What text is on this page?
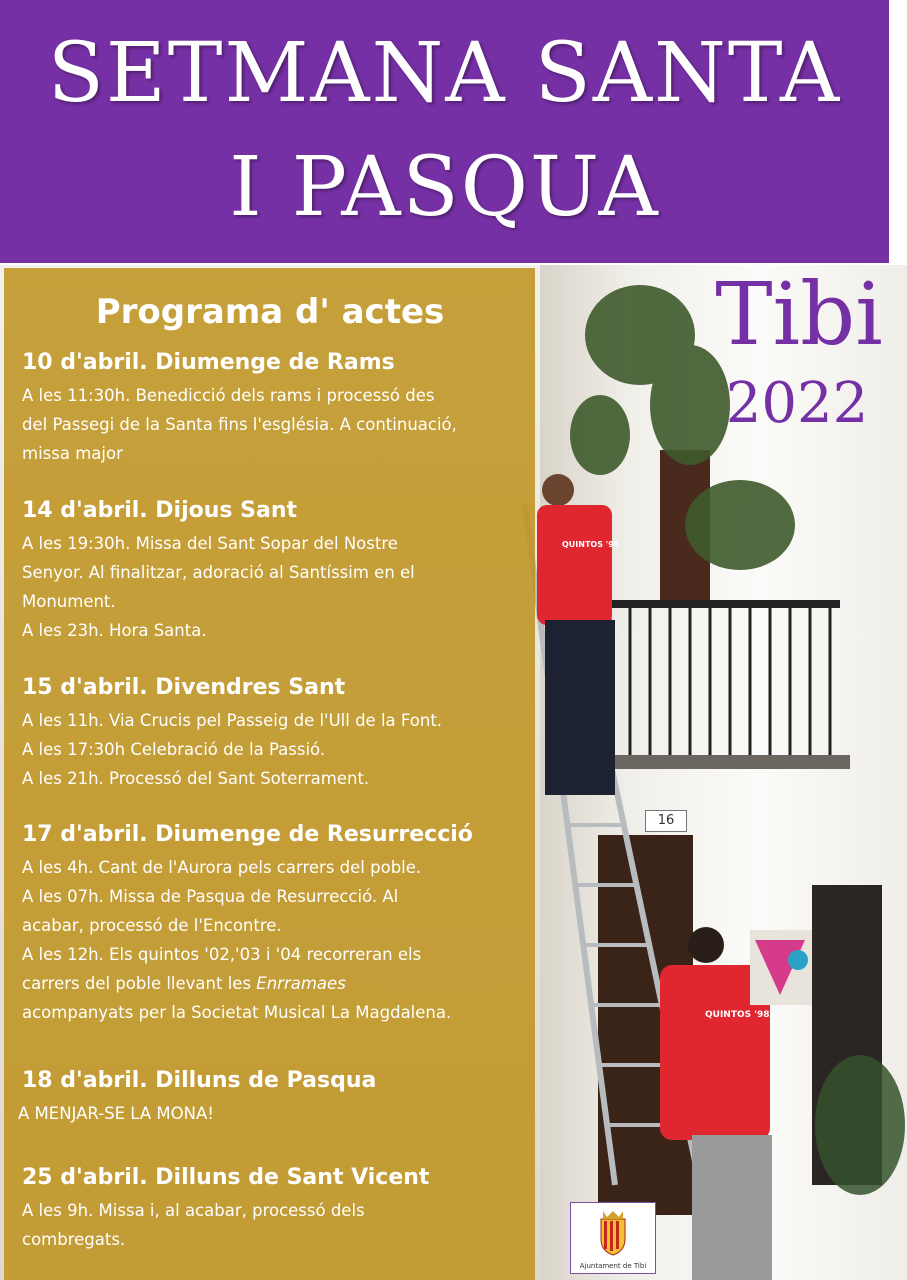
QUINTOS '98
QUINTOS '98
16
SETMANA SANTA
I PASQUA
Tibi
2022
Programa d' actes
10 d'abril. Diumenge de Rams
A les 11:30h. Benedicció dels rams i processó des
del Passegi de la Santa fins l'església. A continuació,
missa major
14 d'abril. Dijous Sant
A les 19:30h. Missa del Sant Sopar del Nostre
Senyor. Al finalitzar, adoració al Santíssim en el
Monument.
A les 23h. Hora Santa.
15 d'abril. Divendres Sant
A les 11h. Via Crucis pel Passeig de l'Ull de la Font.
A les 17:30h Celebració de la Passió.
A les 21h. Processó del Sant Soterrament.
17 d'abril. Diumenge de Resurrecció
A les 4h. Cant de l'Aurora pels carrers del poble.
A les 07h. Missa de Pasqua de Resurrecció. Al
acabar, processó de l'Encontre.
A les 12h. Els quintos '02,'03 i '04 recorreran els
carrers del poble llevant les Enrramaes
acompanyats per la Societat Musical La Magdalena.
18 d'abril. Dilluns de Pasqua
A MENJAR-SE LA MONA!
25 d'abril. Dilluns de Sant Vicent
A les 9h. Missa i, al acabar, processó dels
combregats.
Ajuntament de Tibi
